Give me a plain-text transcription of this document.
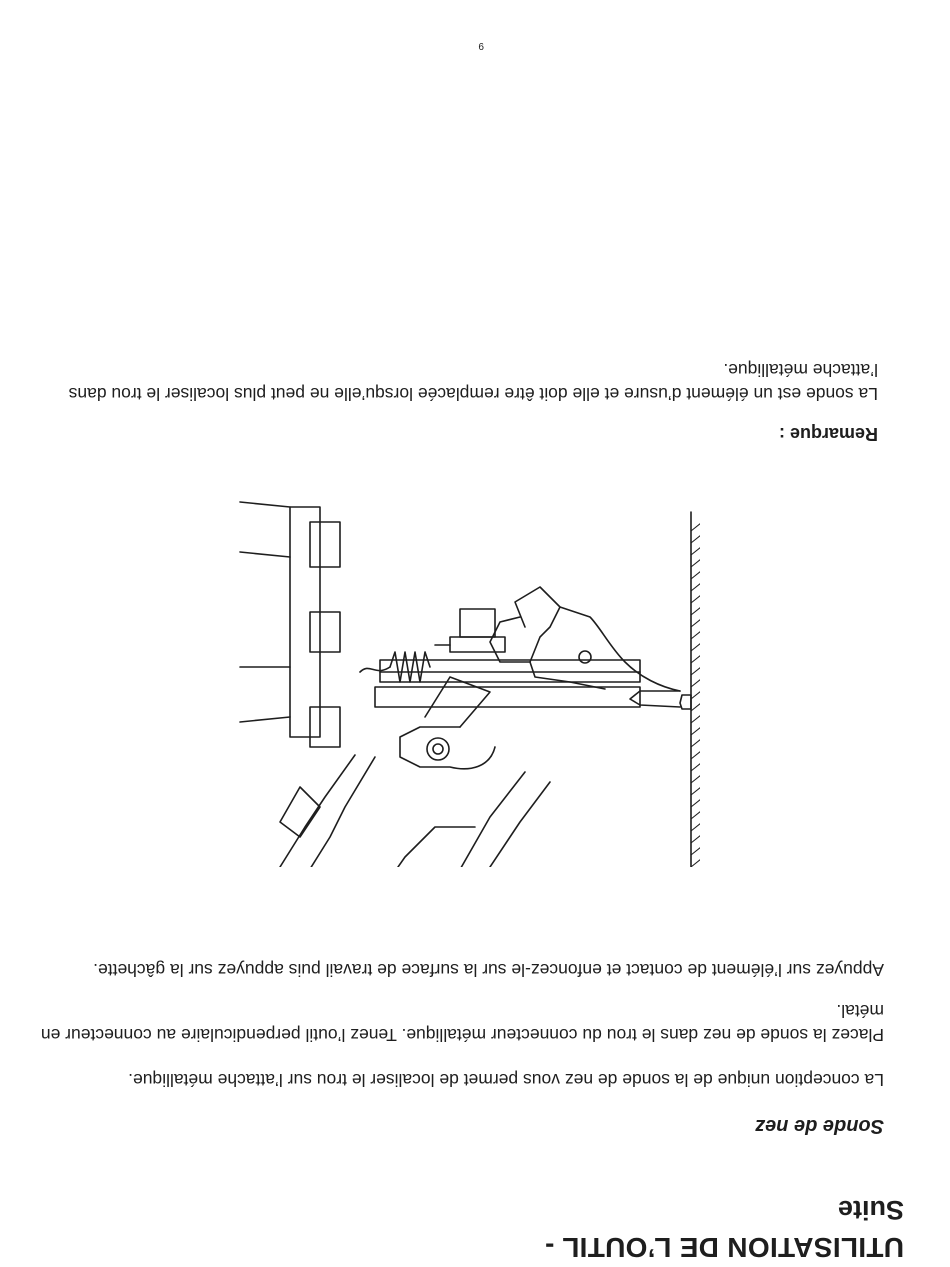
UTILISATION DE L’OUTIL -
Suite
Sonde de nez

La conception unique de la sonde de nez vous permet de localiser le trou sur l’attache métallique.

Placez la sonde de nez dans le trou du connecteur métallique. Tenez l’outil perpendiculaire au connecteur en métal.

Appuyez sur l’élément de contact et enfoncez-le sur la surface de travail puis appuyez sur la gâchette.

Remarque :
La sonde est un élément d’usure et elle doit être remplacée lorsqu’elle ne peut plus localiser le trou dans l’attache métallique.
9
